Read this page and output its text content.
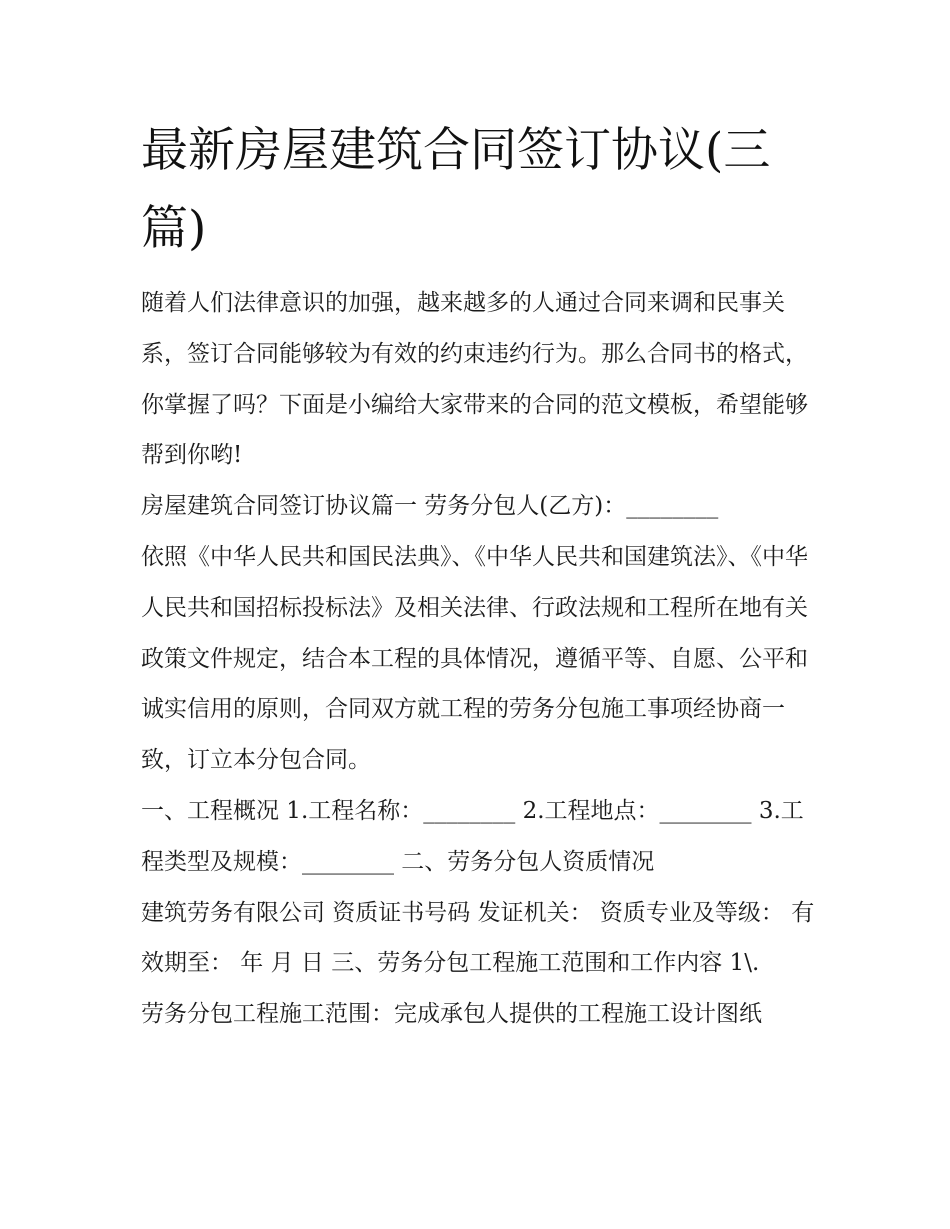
最新房屋建筑合同签订协议(三篇)

随着人们法律意识的加强，越来越多的人通过合同来调和民事关系，签订合同能够较为有效的约束违约行为。那么合同书的格式，你掌握了吗？下面是小编给大家带来的合同的范文模板，希望能够帮到你哟!

房屋建筑合同签订协议篇一 劳务分包人(乙方)：________

依照《中华人民共和国民法典》、《中华人民共和国建筑法》、《中华人民共和国招标投标法》及相关法律、行政法规和工程所在地有关政策文件规定，结合本工程的具体情况，遵循平等、自愿、公平和诚实信用的原则，合同双方就工程的劳务分包施工事项经协商一致，订立本分包合同。

一、工程概况 1.工程名称：________ 2.工程地点：________ 3.工程类型及规模：________ 二、劳务分包人资质情况

建筑劳务有限公司 资质证书号码 发证机关： 资质专业及等级： 有效期至： 年 月 日 三、劳务分包工程施工范围和工作内容 1\.

劳务分包工程施工范围：完成承包人提供的工程施工设计图纸
